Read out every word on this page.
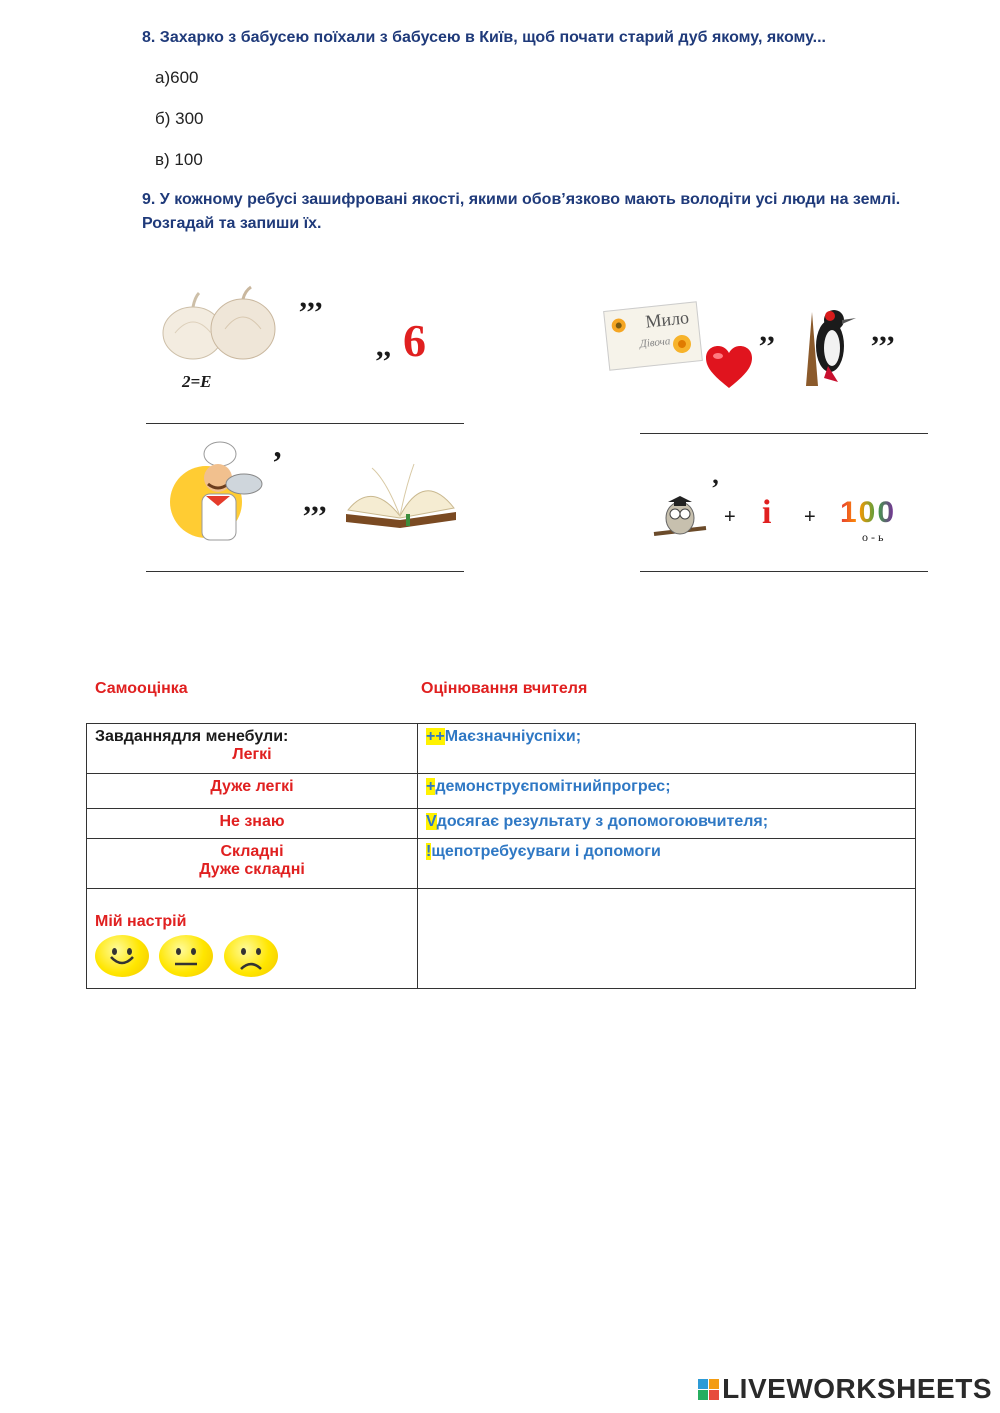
8. Захарко з бабусею поїхали з бабусею в Київ, щоб почати старий дуб якому, якому...
а)600
б) 300
в) 100
9. У кожному ребусі зашифровані якості, якими обов’язково мають володіти усі люди на землі.
Розгадай та запиши їх.
2=Е
’’’
,, 6	Мило
Дівоча	’’	’’’
’
’’’
’
+ і + 100
о - ь
Самооцінка	Оцінювання вчителя
Завданнядля менебули:
Легкі	++Маєзначніуспіхи;
Дуже легкі	+демонструєпомітнийпрогрес;
Не знаю	Vдосягає результату з допомогоювчителя;

Складні
Дуже складні	!щепотребуєуваги і допомоги

Мій настрій	

LIVEWORKSHEETS
